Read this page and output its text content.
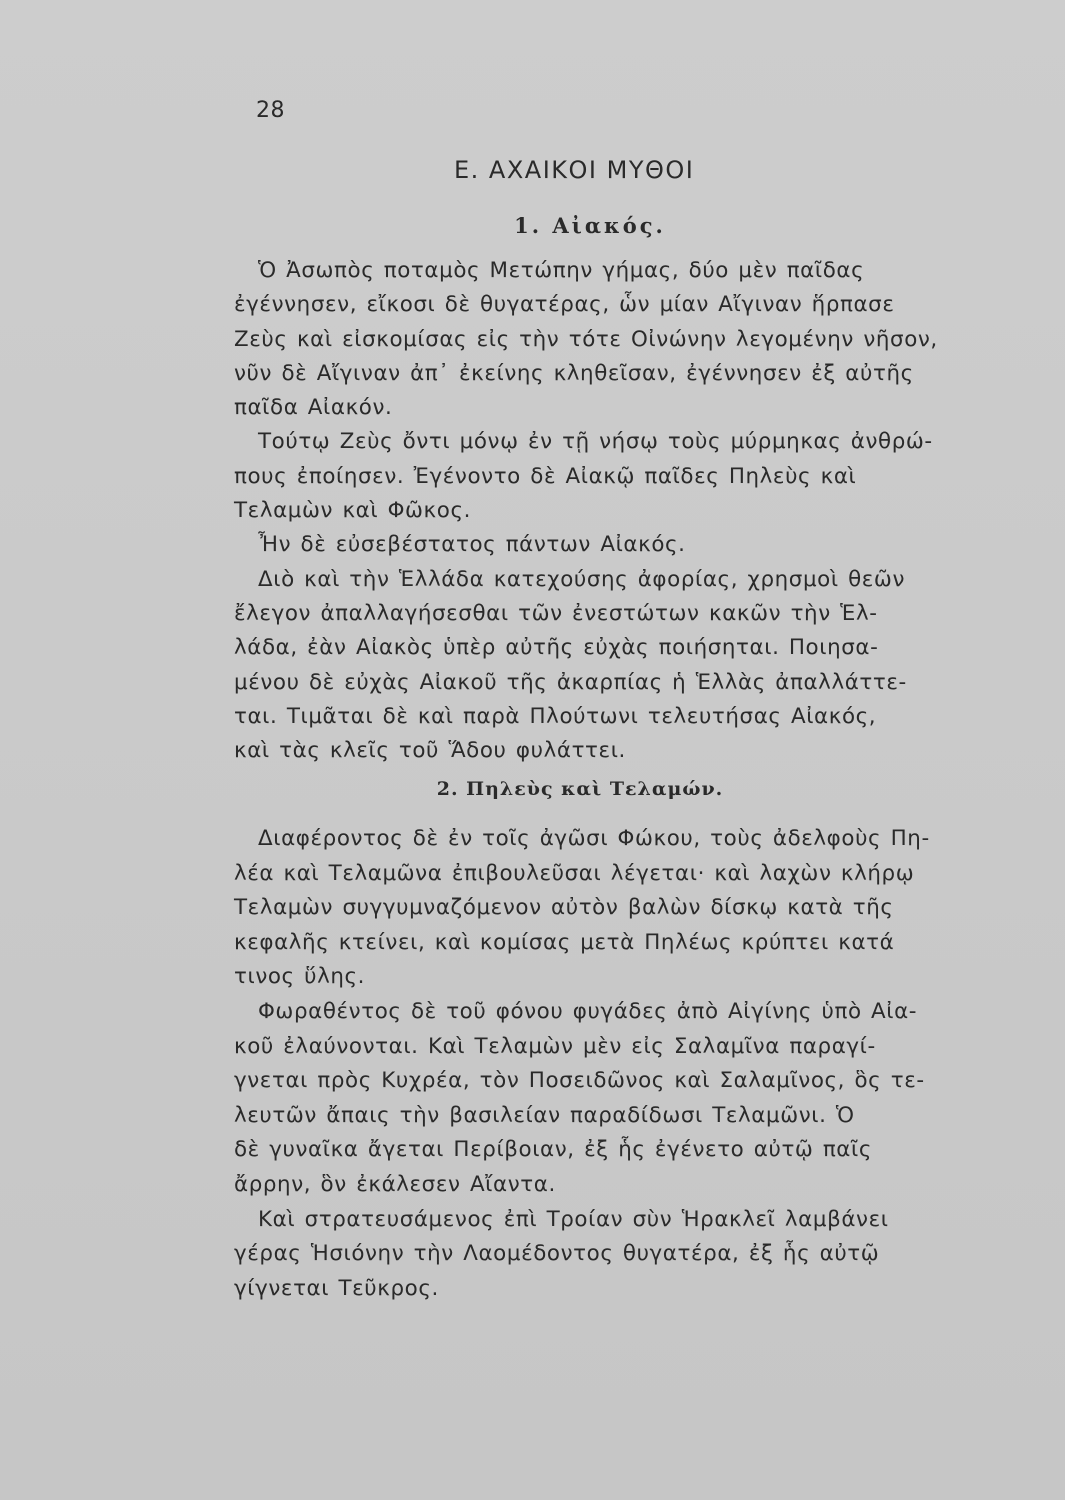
28
Ε. ΑΧΑΙΚΟΙ ΜΥΘΟΙ
1. Αἰακός.
Ὁ Ἀσωπὸς ποταμὸς Μετώπην γήμας, δύο μὲν παῖδας
ἐγέννησεν, εἴκοσι δὲ θυγατέρας, ὧν μίαν Αἴγιναν ἥρπασε
Ζεὺς καὶ εἰσκομίσας εἰς τὴν τότε Οἰνώνην λεγομένην νῆσον,
νῦν δὲ Αἴγιναν ἀπ᾽ ἐκείνης κληθεῖσαν, ἐγέννησεν ἐξ αὐτῆς
παῖδα Αἰακόν.
Τούτῳ Ζεὺς ὄντι μόνῳ ἐν τῇ νήσῳ τοὺς μύρμηκας ἀνθρώ-
πους ἐποίησεν. Ἐγένοντο δὲ Αἰακῷ παῖδες Πηλεὺς καὶ
Τελαμὼν καὶ Φῶκος.
Ἦν δὲ εὐσεβέστατος πάντων Αἰακός.
Διὸ καὶ τὴν Ἑλλάδα κατεχούσης ἀφορίας, χρησμοὶ θεῶν
ἔλεγον ἀπαλλαγήσεσθαι τῶν ἐνεστώτων κακῶν τὴν Ἑλ-
λάδα, ἐὰν Αἰακὸς ὑπὲρ αὐτῆς εὐχὰς ποιήσηται. Ποιησα-
μένου δὲ εὐχὰς Αἰακοῦ τῆς ἀκαρπίας ἡ Ἑλλὰς ἀπαλλάττε-
ται. Τιμᾶται δὲ καὶ παρὰ Πλούτωνι τελευτήσας Αἰακός,
καὶ τὰς κλεῖς τοῦ Ἅδου φυλάττει.
2. Πηλεὺς καὶ Τελαμών.
Διαφέροντος δὲ ἐν τοῖς ἀγῶσι Φώκου, τοὺς ἀδελφοὺς Πη-
λέα καὶ Τελαμῶνα ἐπιβουλεῦσαι λέγεται· καὶ λαχὼν κλήρῳ
Τελαμὼν συγγυμναζόμενον αὐτὸν βαλὼν δίσκῳ κατὰ τῆς
κεφαλῆς κτείνει, καὶ κομίσας μετὰ Πηλέως κρύπτει κατά
τινος ὕλης.
Φωραθέντος δὲ τοῦ φόνου φυγάδες ἀπὸ Αἰγίνης ὑπὸ Αἰα-
κοῦ ἐλαύνονται. Καὶ Τελαμὼν μὲν εἰς Σαλαμῖνα παραγί-
γνεται πρὸς Κυχρέα, τὸν Ποσειδῶνος καὶ Σαλαμῖνος, ὃς τε-
λευτῶν ἄπαις τὴν βασιλείαν παραδίδωσι Τελαμῶνι. Ὁ
δὲ γυναῖκα ἄγεται Περίβοιαν, ἐξ ἧς ἐγένετο αὐτῷ παῖς
ἄρρην, ὃν ἐκάλεσεν Αἴαντα.
Καὶ στρατευσάμενος ἐπὶ Τροίαν σὺν Ἡρακλεῖ λαμβάνει
γέρας Ἡσιόνην τὴν Λαομέδοντος θυγατέρα, ἐξ ἧς αὐτῷ
γίγνεται Τεῦκρος.
